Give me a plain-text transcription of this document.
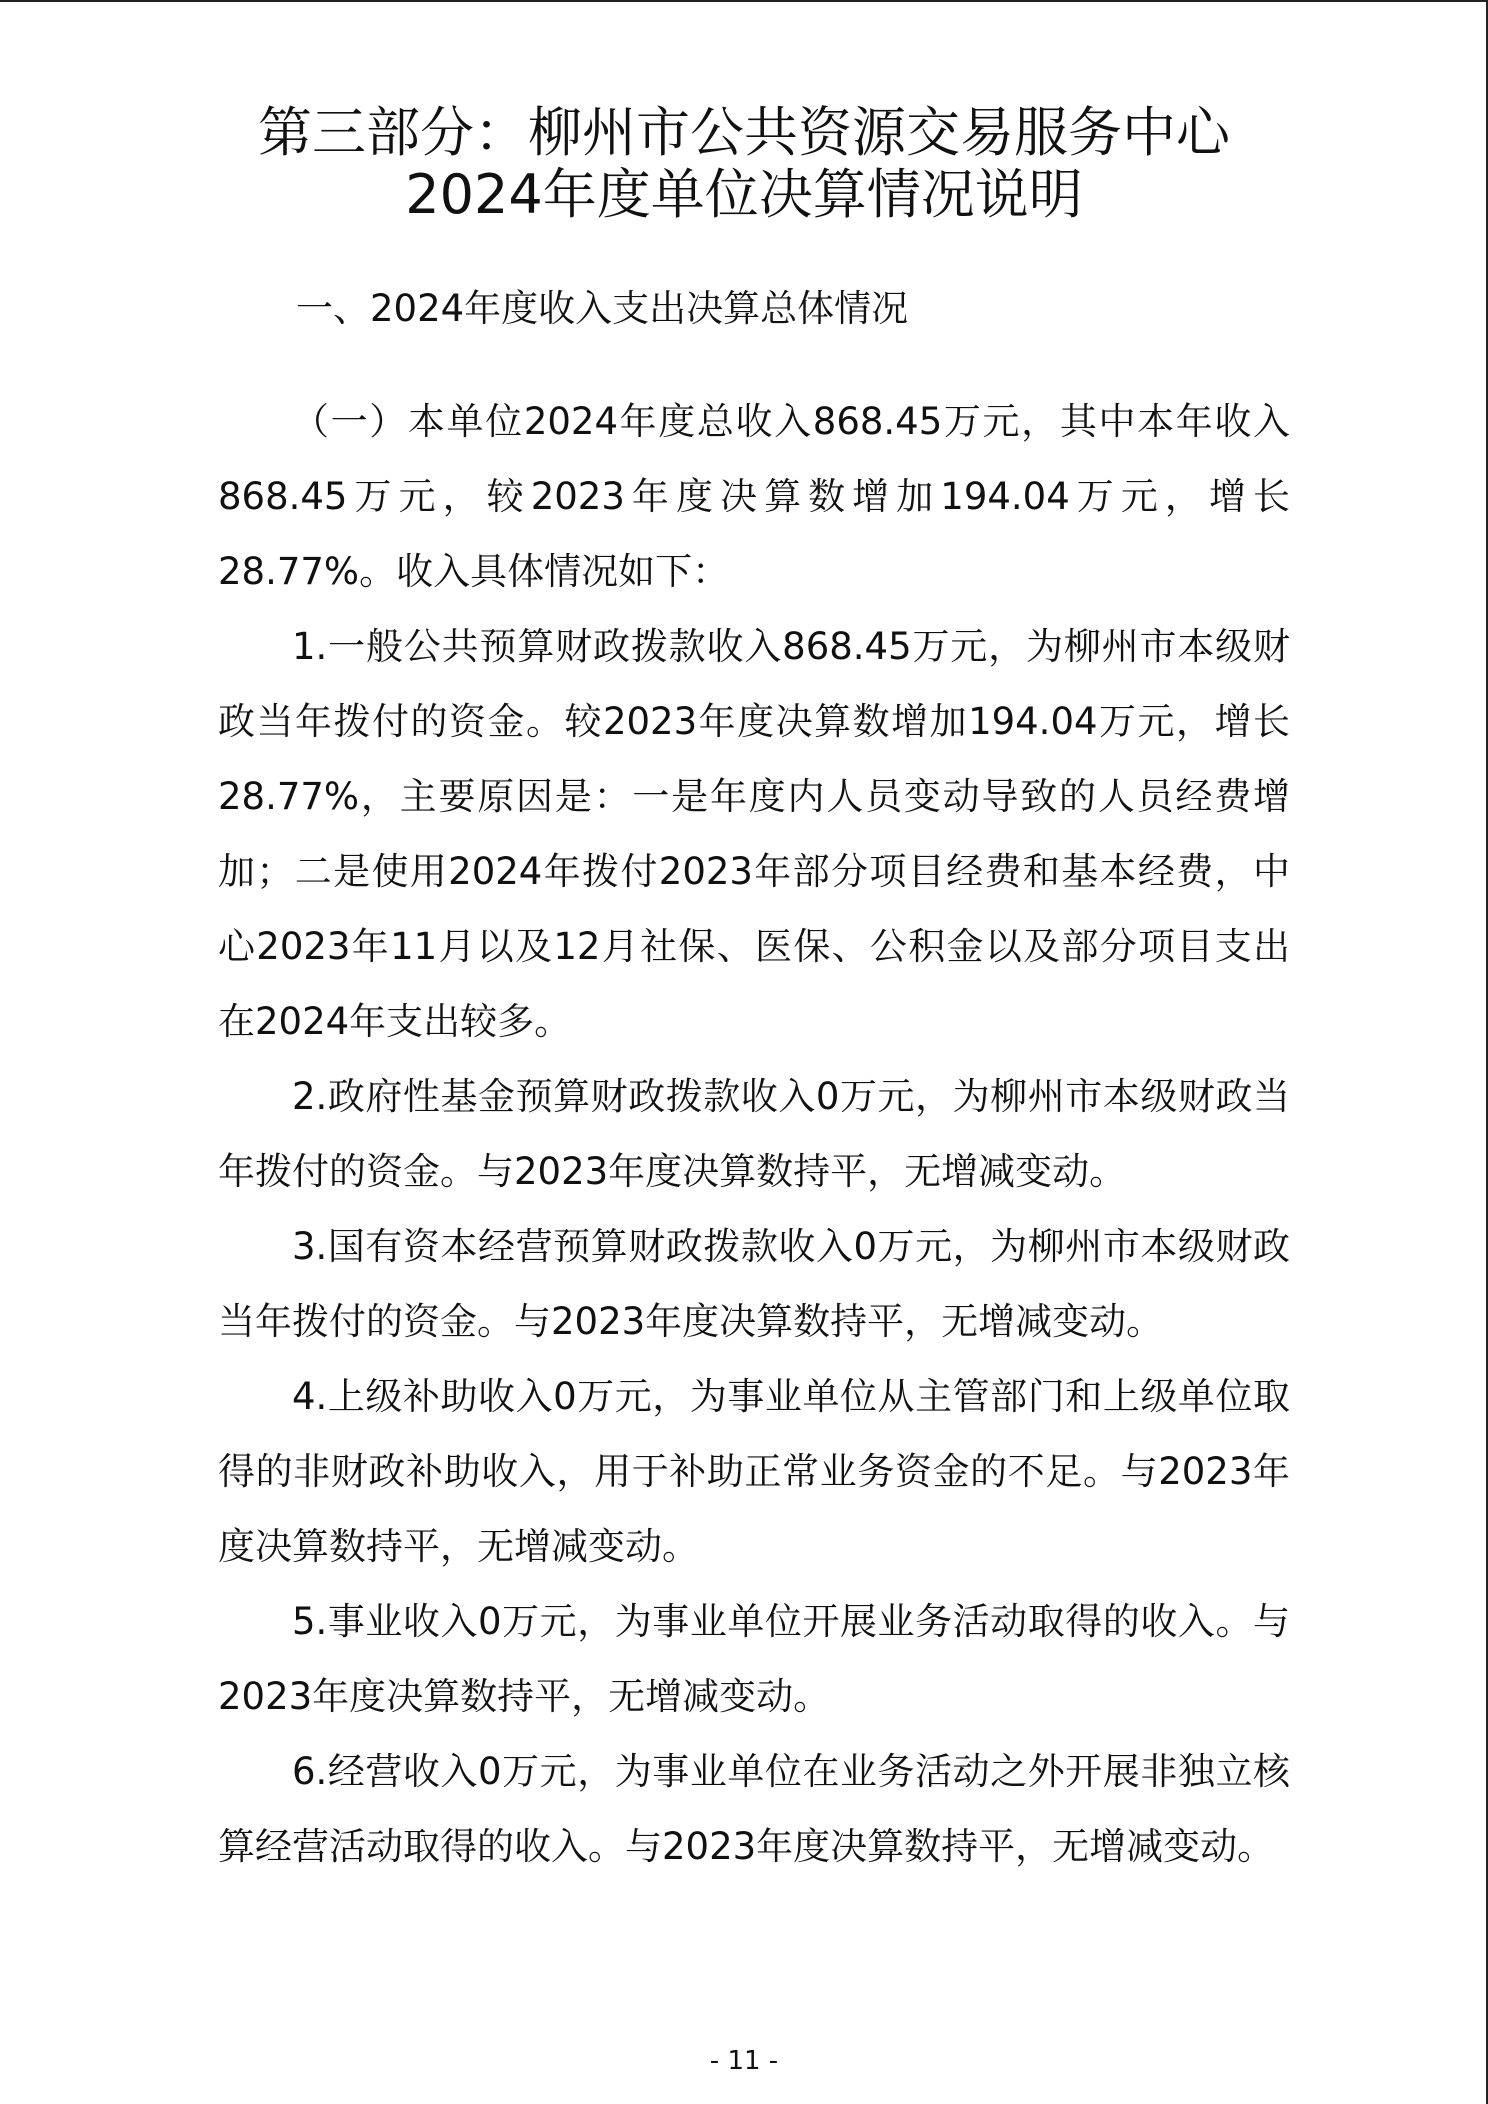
第三部分：柳州市公共资源交易服务中心
2024年度单位决算情况说明
一、2024年度收入支出决算总体情况

（一）本单位2024年度总收入868.45万元，其中本年收入868.45万元，较2023年度决算数增加194.04万元，增长28.77%。收入具体情况如下：

1.一般公共预算财政拨款收入868.45万元，为柳州市本级财政当年拨付的资金。较2023年度决算数增加194.04万元，增长28.77%，主要原因是：一是年度内人员变动导致的人员经费增加；二是使用2024年拨付2023年部分项目经费和基本经费，中心2023年11月以及12月社保、医保、公积金以及部分项目支出在2024年支出较多。

2.政府性基金预算财政拨款收入0万元，为柳州市本级财政当年拨付的资金。与2023年度决算数持平，无增减变动。

3.国有资本经营预算财政拨款收入0万元，为柳州市本级财政当年拨付的资金。与2023年度决算数持平，无增减变动。

4.上级补助收入0万元，为事业单位从主管部门和上级单位取得的非财政补助收入，用于补助正常业务资金的不足。与2023年度决算数持平，无增减变动。

5.事业收入0万元，为事业单位开展业务活动取得的收入。与2023年度决算数持平，无增减变动。

6.经营收入0万元，为事业单位在业务活动之外开展非独立核算经营活动取得的收入。与2023年度决算数持平，无增减变动。

- 11 -
